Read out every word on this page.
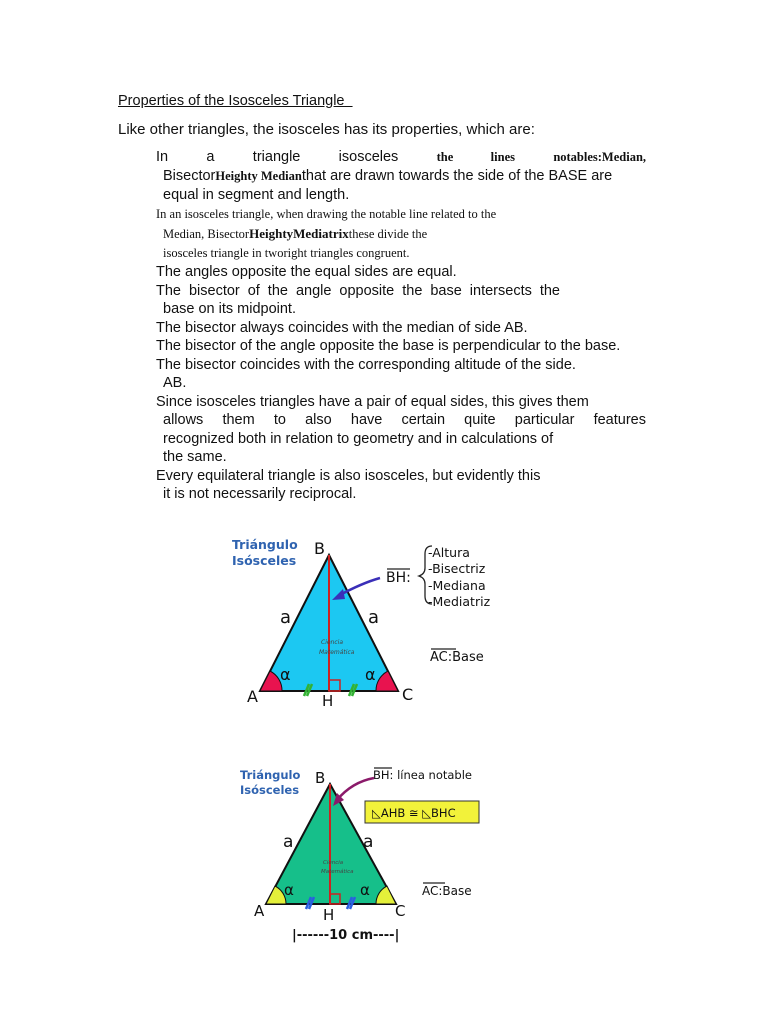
Properties of the Isosceles Triangle
Like other triangles, the isosceles has its properties, which are:
In	a	triangle	isosceles	the lines	notables:Median,
BisectorHeighty Medianthat are drawn towards the side of the BASE are
equal in segment and length.
In an isosceles triangle, when drawing the notable line related to the
Median, BisectorHeightyMediatrixthese divide the
isosceles triangle in tworight triangles congruent.
The angles opposite the equal sides are equal.
The bisector of the angle opposite the base intersects the
base on its midpoint.
The bisector always coincides with the median of side AB.
The bisector of the angle opposite the base is perpendicular to the base.
The bisector coincides with the corresponding altitude of the side.
AB.
Since isosceles triangles have a pair of equal sides, this gives them
allows them to also have certain quite particular features
recognized both in relation to geometry and in calculations of
the same.
Every equilateral triangle is also isosceles, but evidently this
it is not necessarily reciprocal.
Triángulo
Isósceles
B
A	C
H
a	a
α	α
BH:
-Altura
-Bisectriz
-Mediana
-Mediatriz
AC:Base
Ciencia
Matemática
Triángulo
Isósceles
B
A	C
H
a	a
α	α
BH: línea notable
◺AHB ≅ ◺BHC
AC:Base
|------10 cm----|
Ciencia
Matemática
